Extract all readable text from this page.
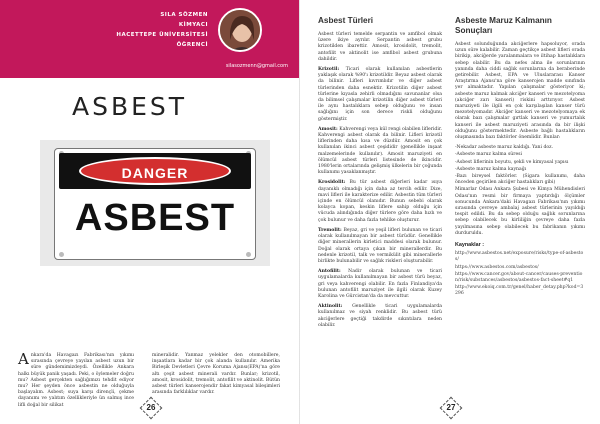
SILA SÖZMEN
KİMYACI
HACETTEPE ÜNİVERSİTESİ
ÖĞRENCİ
silasozmenn@gmail.com
ASBEST
DANGER
ASBEST
Ankara'da Havagazı Fabrikası'nın yıkımı sırasında çevreye yayılan asbest uzun bir süre gündemimizdeydi. Özellikle Ankara halkı büyük panik yaşadı. Peki, o öylemeler doğru mu? Asbest gerçekten sağlığımızı tehdit ediyor mu? Her şeyden önce asbestin ne olduğuyla başlayalım. Asbest; suya karşı dirençli, çekme dayanımı ve yalıtım özellikleriyle ün salmış ince lifli doğal bir silikat
mineralidir. Yanmaz yelekler den otomobillere, inşaatlara kadar bir çok alanda kullanılır. Amerika Birleşik Devletleri Çevre Koruma Ajansı(EPA)'na göre altı çeşit asbest minerali vardır. Bunlar; krizotil, amosit, krosidolit, tremolit, antofilit ve aktinolit. Bütün asbest türleri kanserojendir fakat kimyasal bileşimleri arasında farklılıklar vardır.
26
Asbest Türleri

Asbest türleri temelde serpantin ve amfibol olmak üzere ikiye ayrılır. Serpantin asbest grubu krizotilden ibarettir. Amosit, krosidolit, tremolit, antofilit ve aktinolit ise amfibol asbest grubuna dahildir.

Krizotil: Ticari olarak kullanılan asbestlerin yaklaşık olarak %90'ı krizotildir. Beyaz asbest olarak da bilinir. Lifleri kıvrımlıdır ve diğer asbest türlerinden daha esnektir. Krizotilin diğer asbest türlerine kıyasla zehirli olmadığını savunanlar olsa da bilimsel çalışmalar krizotilin diğer asbest türleri ile aynı hastalıklara sebep olduğunu ve insan sağlığını için son derece riskli olduğunu göstermiştir.

Amosit: Kahverengi veya kül rengi olabilen lifleridir. Kahverengi asbest olarak da bilinir. Lifleri krizotil liflerinden daha kısa ve düzdür. Amosit en çok kullanılan ikinci asbest çeşididir (genellikle inşaat malzemelerinde kullanılır). Amosit maruziyeti en ölümcül asbest türleri listesinde de ikincidir. 1980'lerin ortalarında gelişmiş ülkelerin bir çoğunda kullanımı yasaklanmıştır.

Krosidolit: Bu tür asbest diğerleri kadar ısıya dayanıklı olmadığı için daha az tercih edilir. Dize, mavi lifleri ile karakterize edilir. Asbestin tüm türleri içinde en ölümcül olanıdır. Bunun sebebi olarak kolayca kopan, keskin liflere sahip olduğu için vücuda alındığında diğer türlere göre daha hızlı ve çok bulunur ve daha fazla tehlike oluşturur.

Tremolit: Beyaz, gri ve yeşil lifleri bulunan ve ticari olarak kullanılmayan bir asbest türüdür. Genellikle diğer minerallerin kirletici maddesi olarak bulunur. Doğal olarak ortaya çıkan bir minerallerdir. Bu nedenle krizotil, talk ve vermikülit gibi minerallerle birlikte bulunabilir ve sağlık riskleri oluşturabilir.

Antofilit: Nadir olarak bulunan ve ticari uygulamalarda kullanılmayan bir asbest türü beyaz, gri veya kahverengi olabilir. En fazla Finlandiya'da bulunan antofilit maruziyet ile ilgili olarak Kuzey Karolina ve Gürcistan'da da mevcuttur.

Aktinolit: Genellikle ticari uygulamalarda kullanılmaz ve siyah renklidir. Bu asbest türü akciğerlere geçtiği takdirde sıkıntılara neden olabilir.

Asbeste Maruz Kalmanın Sonuçları

Asbest solunduğunda akciğerlere hapsoluyor, orada uzun süre kalabilir. Zaman geçtikçe asbest lifleri orada birikip, akciğerde yaralanmalara ve iltihap hastalıklara sebep olabilir. Bu da nefes alma ile sorunlarının yanında daha ciddi sağlık sorunlarına da beraberinde getirebilir. Asbest, EPA ve Uluslararası Kanser Araştırma Ajansı'na göre kanserojen madde sınıfında yer almaktadır. Yapılan çalışmalar gösteriyor ki; asbeste maruz kalmak akciğer kanseri ve mezotelyoma (akciğer zarı kanseri) riskini arttırıyor. Asbest maruziyeti ile ilgili en çok karşılaşılan kanser türü mezotelyomadır. Akciğer kanseri ve mezotelyomaya ek olarak bazı çalışmalar gırtlak kanseri ve yumurtalık kanseri ile asbest maruziyeti arasında da bir ilişki olduğunu göstermektedir. Asbeste bağlı hastalıkların oluşmasında bazı faktörler önemlidir. Bunlar:

-Nekadar asbeste maruz kaldığı. Yani doz.

-Asbeste maruz kalma süresi

-Asbest liflerinin boyutu, şekli ve kimyasal yapısı

-Asbeste maruz kalma kaynağı

-Bazı bireysel faktörler. (Sigara kullanımı, daha önceden geçirilen akciğer hastalıkları gibi)

Mimarlar Odası Ankara Şubesi ve Kimya Mühendisleri Odası'nın resmi bir firmaya yaptırdığı ölçümler sonucunda Ankara'daki Havagazı Fabrikası'nın yıkımı sırasında çevreye ambalaj asbest türlerinin yayıldığı tespit edildi. Bu da sebep olduğu sağlık sorunlarına sebep olabilecek bu kirliliğin çevreye daha fazla yayılmasına sebep olabilecek bu fabrikanın yıkımı durduruldu.

Kaynaklar :
http://www.asbestos.net/exposure/risks/type-of-asbestos/
https://www.asbestos.com/asbestos/
https://www.cancer.gov/about-cancer/causes-prevention/risk/substances/asbestos/asbestos-fact-sheet#q1
http://www.ekoiq.com.tr/genel/haber_detay.php?kod=3296
27
